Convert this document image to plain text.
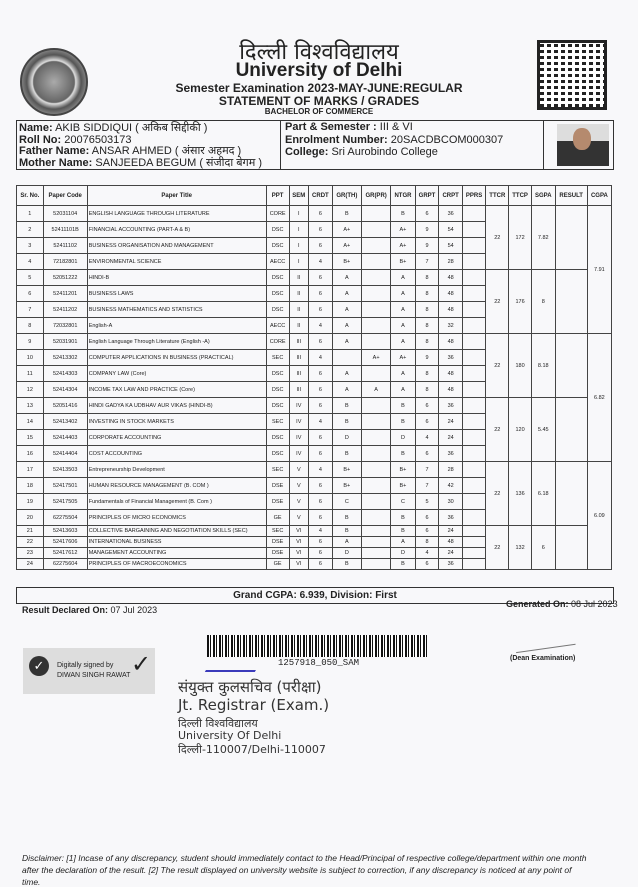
दिल्ली विश्वविद्यालय
University of Delhi
Semester Examination 2023-MAY-JUNE:REGULAR
STATEMENT OF MARKS / GRADES
BACHELOR OF COMMERCE
Name: AKIB SIDDIQUI ( अकिब सिद्दीकी )
Roll No: 20076503173
Father Name: ANSAR AHMED ( अंसार अहमद )
Mother Name: SANJEEDA BEGUM ( संजीदा बेगम )
Part & Semester : III & VI
Enrolment Number: 20SACDBCOM000307
College: Sri Aurobindo College
Sr. No.	Paper Code	Paper Title	PPT	SEM	CRDT	GR(TH)	GR(PR)	NTGR	GRPT	CRPT	PPRS	TTCR	TTCP	SGPA	RESULT	CGPA
1	52031104	ENGLISH LANGUAGE THROUGH LITERATURE	CORE	I	6	B		B	6	36		22	172	7.82		7.91
2	52411101B	FINANCIAL ACCOUNTING (PART-A & B)	DSC	I	6	A+		A+	9	54						
3	52411102	BUSINESS ORGANISATION AND MANAGEMENT	DSC	I	6	A+		A+	9	54						
4	72182801	ENVIRONMENTAL SCIENCE	AECC	I	4	B+		B+	7	28						
5	52051222	HINDI-B	DSC	II	6	A		A	8	48		22	176	8		
6	52411201	BUSINESS LAWS	DSC	II	6	A		A	8	48						
7	52411202	BUSINESS MATHEMATICS AND STATISTICS	DSC	II	6	A		A	8	48						
8	72032801	English-A	AECC	II	4	A		A	8	32						
9	52031901	English Language Through Literature (English -A)	CORE	III	6	A		A	8	48		22	180	8.18		6.82
10	52413302	COMPUTER APPLICATIONS IN BUSINESS (PRACTICAL)	SEC	III	4		A+	A+	9	36						
11	52414303	COMPANY LAW (Core)	DSC	III	6	A		A	8	48						
12	52414304	INCOME TAX LAW AND PRACTICE (Core)	DSC	III	6	A	A	A	8	48						
13	52051416	HINDI GADYA KA UDBHAV AUR VIKAS (HINDI-B)	DSC	IV	6	B		B	6	36		22	120	5.45		
14	52413402	INVESTING IN STOCK MARKETS	SEC	IV	4	B		B	6	24						
15	52414403	CORPORATE ACCOUNTING	DSC	IV	6	D		D	4	24						
16	52414404	COST ACCOUNTING	DSC	IV	6	B		B	6	36						
17	52413503	Entrepreneurship Development	SEC	V	4	B+		B+	7	28		22	136	6.18		6.09
18	52417501	HUMAN RESOURCE MANAGEMENT (B. COM )	DSE	V	6	B+		B+	7	42						
19	52417505	Fundamentals of Financial Management (B. Com )	DSE	V	6	C		C	5	30						
20	62275504	PRINCIPLES OF MICRO ECONOMICS	GE	V	6	B		B	6	36						
21	52413603	COLLECTIVE BARGAINING AND NEGOTIATION SKILLS (SEC)	SEC	VI	4	B		B	6	24		22	132	6		
22	52417606	INTERNATIONAL BUSINESS	DSE	VI	6	A		A	8	48						
23	52417612	MANAGEMENT ACCOUNTING	DSE	VI	6	D		D	4	24						
24	62275604	PRINCIPLES OF MACROECONOMICS	GE	VI	6	B		B	6	36						
Grand CGPA: 6.939, Division: First
Result Declared On: 07 Jul 2023
Generated On: 08 Jul 2023
✓	Digitally signed by
DIWAN SINGH RAWAT ✓	1257918_050_SAM
संयुक्त कुलसचिव (परीक्षा)
Jt. Registrar (Exam.)
दिल्ली विश्वविद्यालय
University Of Delhi
दिल्ली-110007/Delhi-110007
(Dean Examination)
Disclaimer: [1] Incase of any discrepancy, student should immediately contact to the Head/Principal of respective college/department within one month after the declaration of the result. [2] The result displayed on university website is subject to correction, if any discrepancy is noticed at any point of time.
